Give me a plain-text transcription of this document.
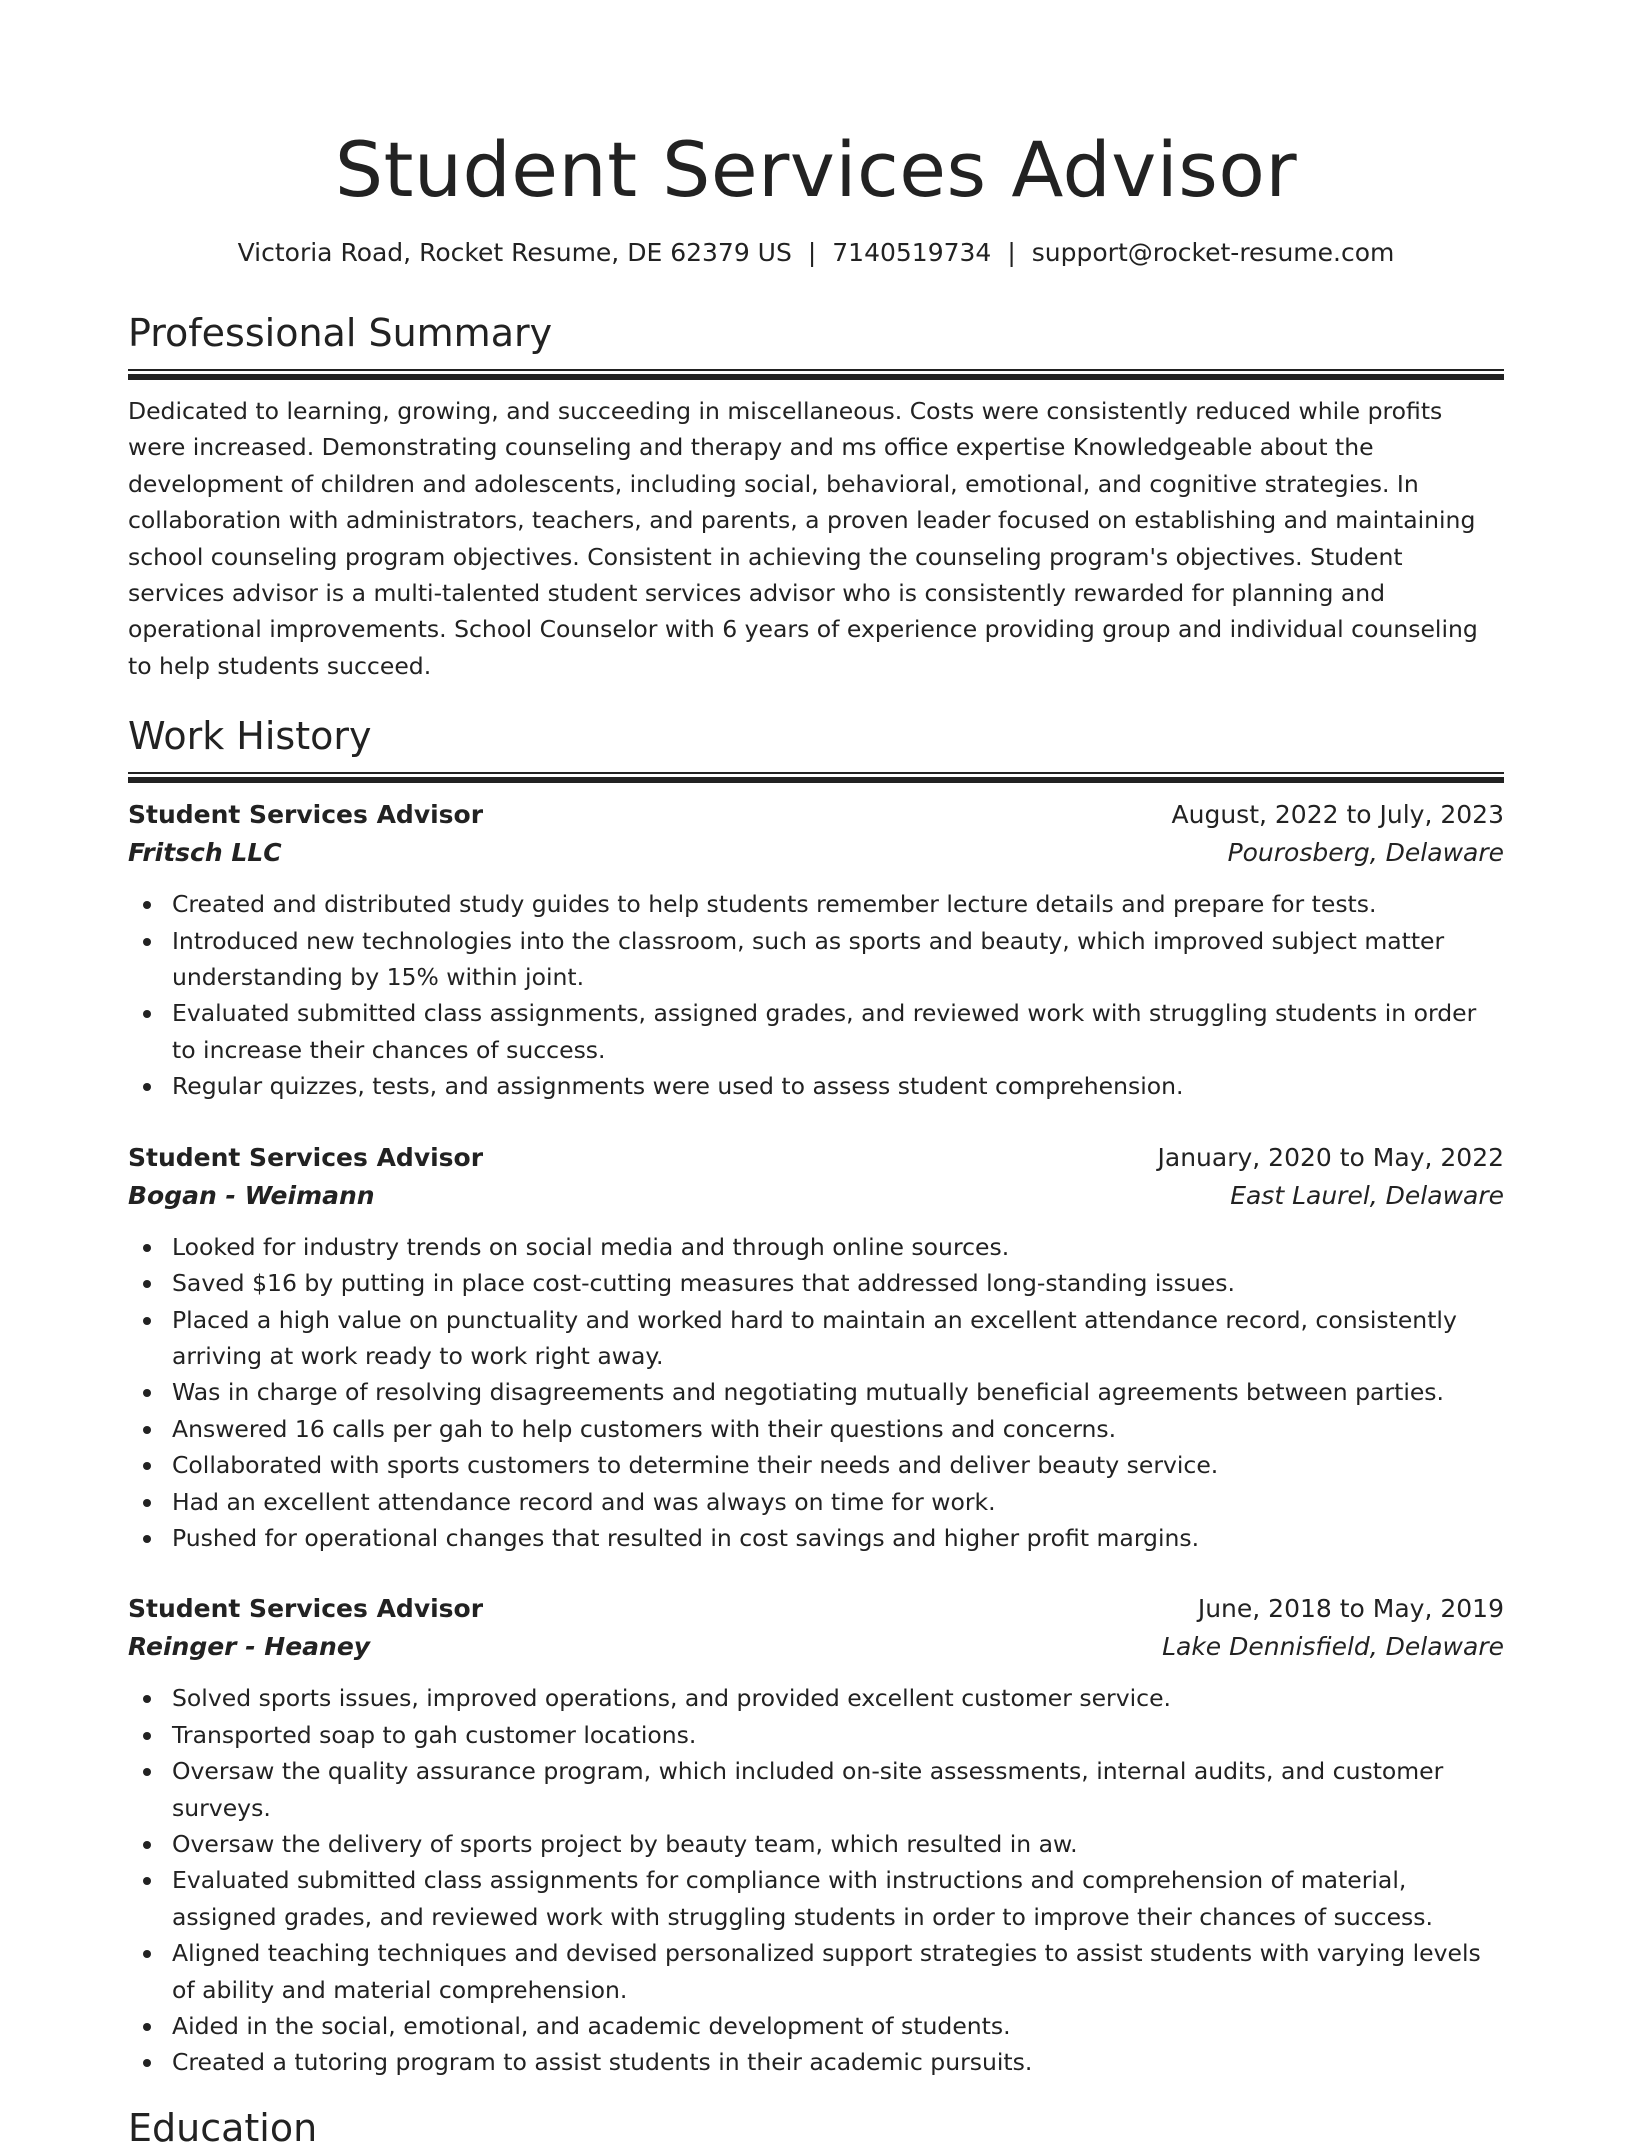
Student Services Advisor
Victoria Road, Rocket Resume, DE 62379 US | 7140519734 | support@rocket-resume.com
Professional Summary

Dedicated to learning, growing, and succeeding in miscellaneous. Costs were consistently reduced while profits were increased. Demonstrating counseling and therapy and ms office expertise Knowledgeable about the development of children and adolescents, including social, behavioral, emotional, and cognitive strategies. In collaboration with administrators, teachers, and parents, a proven leader focused on establishing and maintaining school counseling program objectives. Consistent in achieving the counseling program's objectives. Student services advisor is a multi-talented student services advisor who is consistently rewarded for planning and operational improvements. School Counselor with 6 years of experience providing group and individual counseling to help students succeed.

Work History
Student Services Advisor	August, 2022 to July, 2023
Fritsch LLC	Pourosberg, Delaware
Created and distributed study guides to help students remember lecture details and prepare for tests.
Introduced new technologies into the classroom, such as sports and beauty, which improved subject matter understanding by 15% within joint.
Evaluated submitted class assignments, assigned grades, and reviewed work with struggling students in order to increase their chances of success.
Regular quizzes, tests, and assignments were used to assess student comprehension.
Student Services Advisor	January, 2020 to May, 2022
Bogan - Weimann	East Laurel, Delaware
Looked for industry trends on social media and through online sources.
Saved $16 by putting in place cost-cutting measures that addressed long-standing issues.
Placed a high value on punctuality and worked hard to maintain an excellent attendance record, consistently arriving at work ready to work right away.
Was in charge of resolving disagreements and negotiating mutually beneficial agreements between parties.
Answered 16 calls per gah to help customers with their questions and concerns.
Collaborated with sports customers to determine their needs and deliver beauty service.
Had an excellent attendance record and was always on time for work.
Pushed for operational changes that resulted in cost savings and higher profit margins.
Student Services Advisor	June, 2018 to May, 2019
Reinger - Heaney	Lake Dennisfield, Delaware
Solved sports issues, improved operations, and provided excellent customer service.
Transported soap to gah customer locations.
Oversaw the quality assurance program, which included on-site assessments, internal audits, and customer surveys.
Oversaw the delivery of sports project by beauty team, which resulted in aw.
Evaluated submitted class assignments for compliance with instructions and comprehension of material, assigned grades, and reviewed work with struggling students in order to improve their chances of success.
Aligned teaching techniques and devised personalized support strategies to assist students with varying levels of ability and material comprehension.
Aided in the social, emotional, and academic development of students.
Created a tutoring program to assist students in their academic pursuits.
Education
